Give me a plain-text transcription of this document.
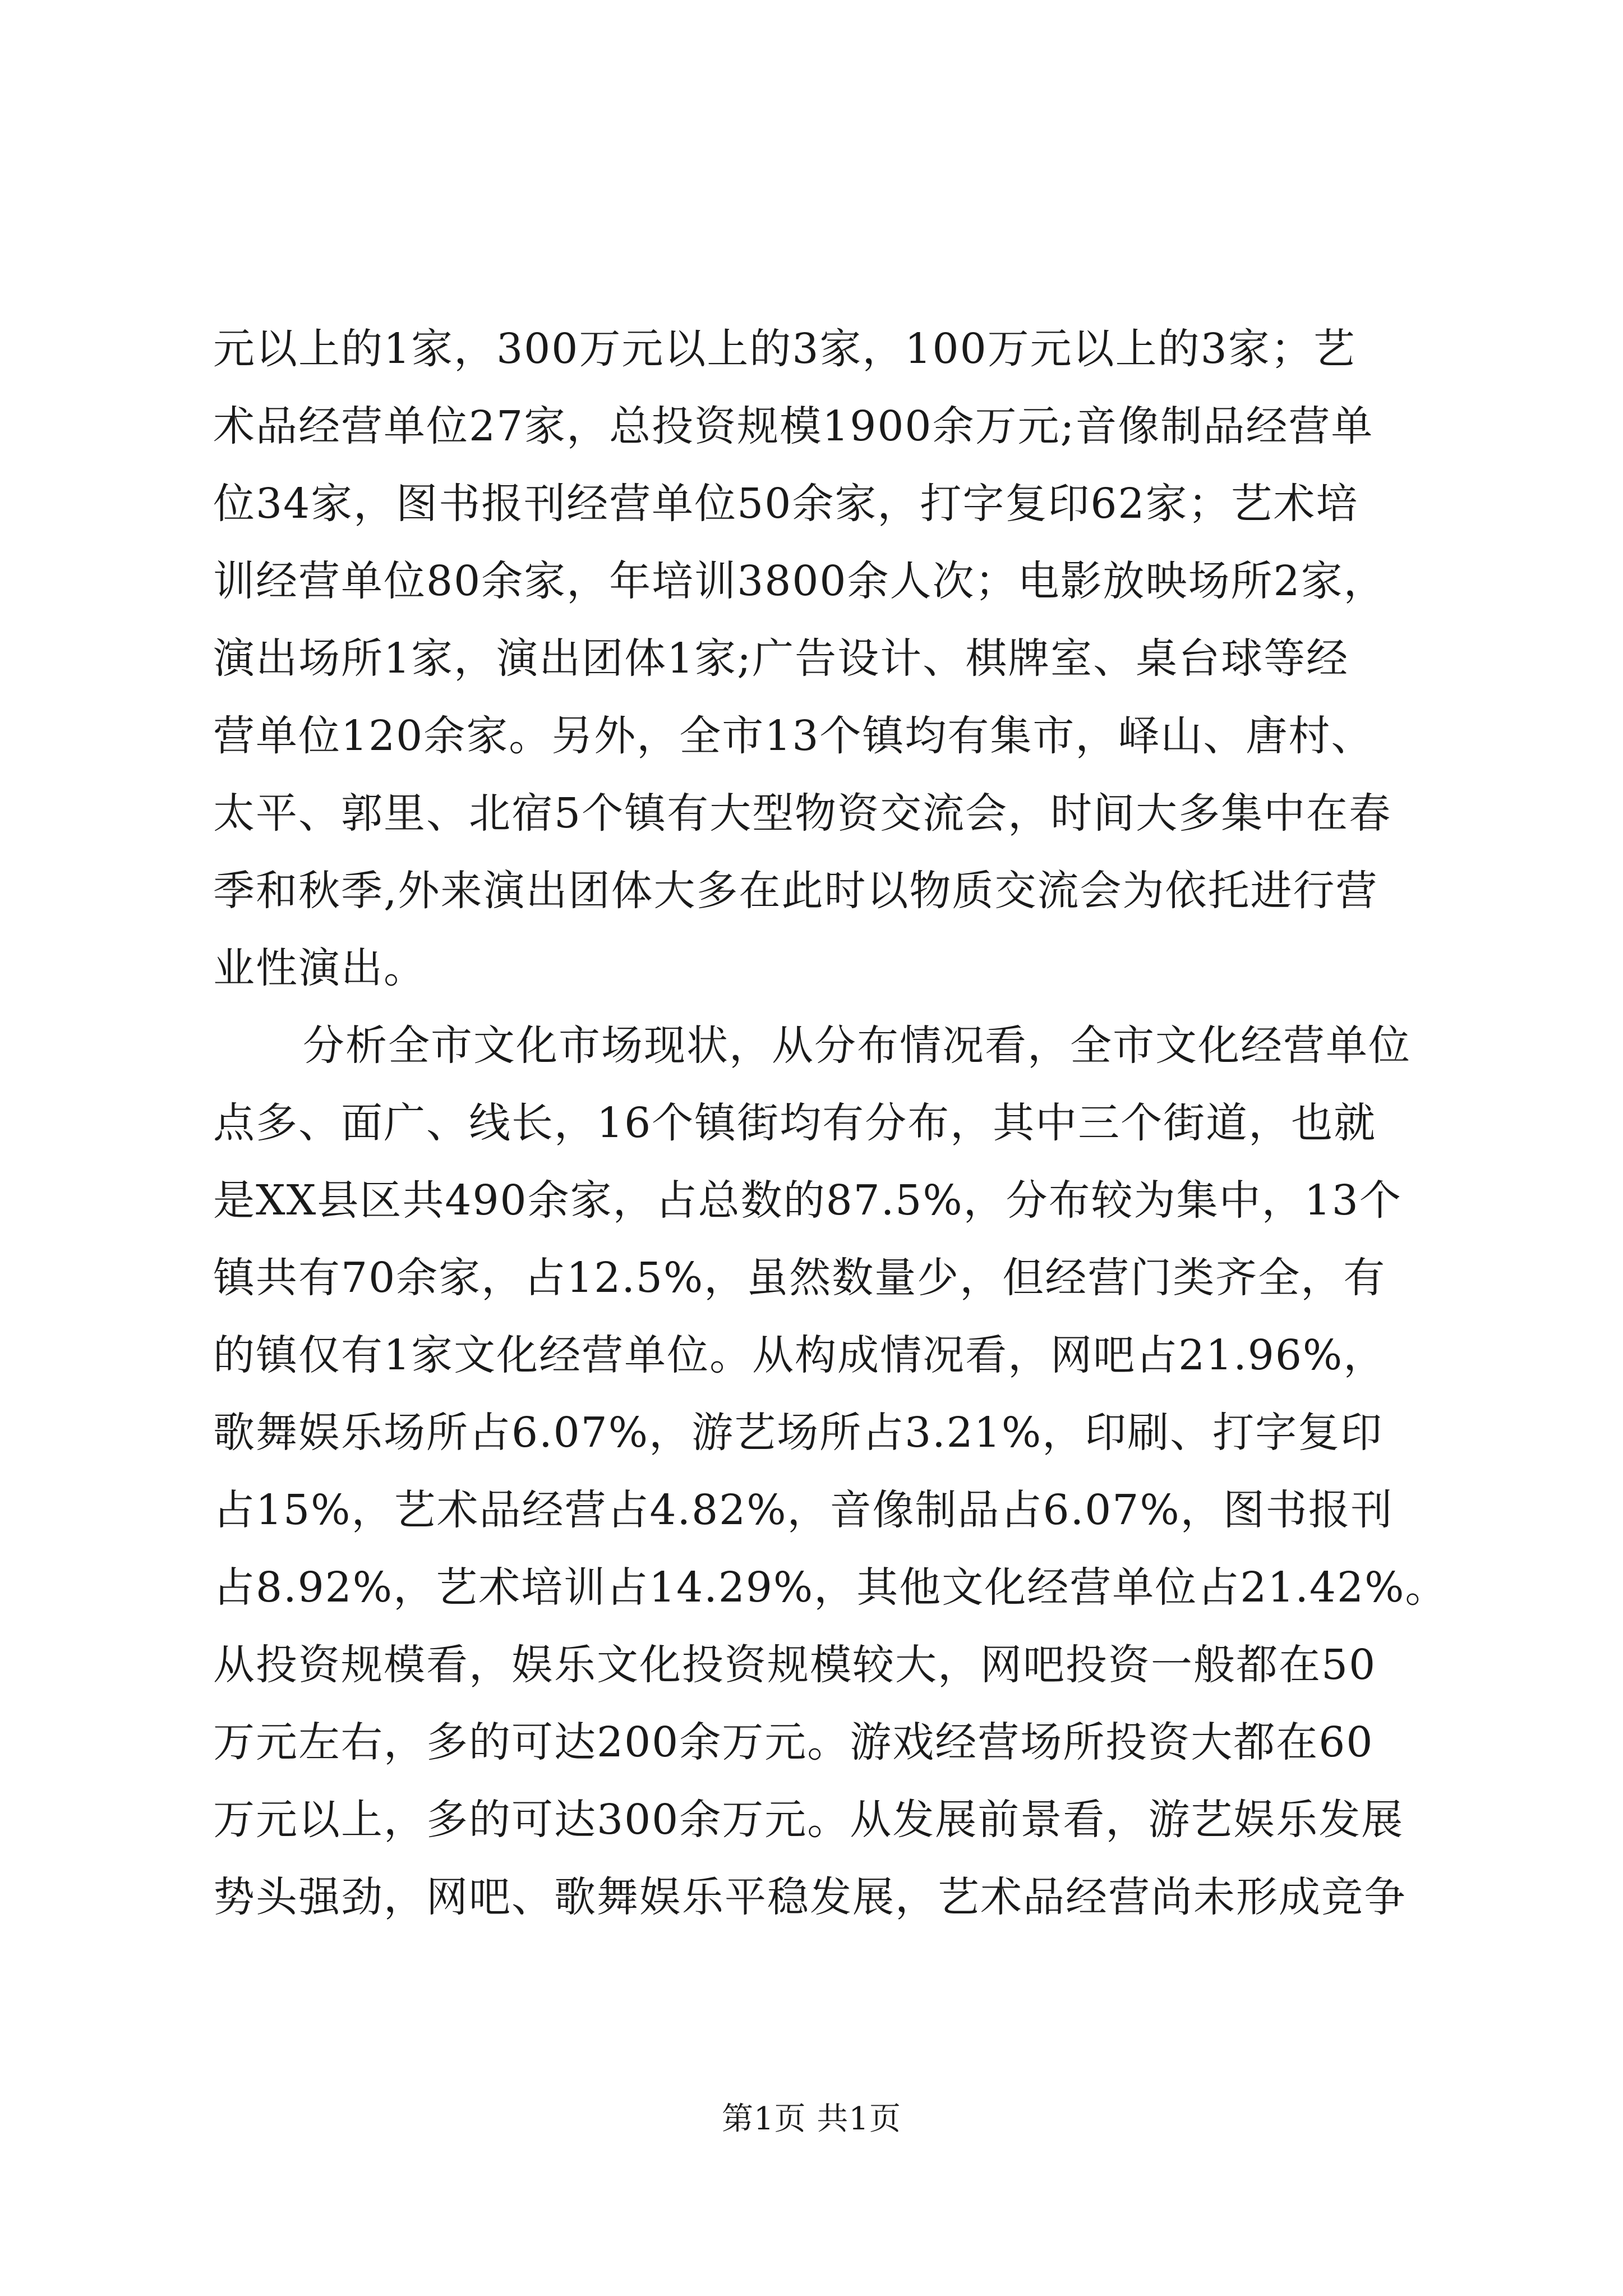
元以上的1家，300万元以上的3家，100万元以上的3家；艺
术品经营单位27家，总投资规模1900余万元;音像制品经营单
位34家，图书报刊经营单位50余家，打字复印62家；艺术培
训经营单位80余家，年培训3800余人次；电影放映场所2家，
演出场所1家，演出团体1家;广告设计、棋牌室、桌台球等经
营单位120余家。另外，全市13个镇均有集市，峄山、唐村、
太平、郭里、北宿5个镇有大型物资交流会，时间大多集中在春
季和秋季,外来演出团体大多在此时以物质交流会为依托进行营
业性演出。
分析全市文化市场现状，从分布情况看，全市文化经营单位
点多、面广、线长，16个镇街均有分布，其中三个街道，也就
是XX县区共490余家，占总数的87.5%，分布较为集中，13个
镇共有70余家，占12.5%，虽然数量少，但经营门类齐全，有
的镇仅有1家文化经营单位。从构成情况看，网吧占21.96%，
歌舞娱乐场所占6.07%，游艺场所占3.21%，印刷、打字复印
占15%，艺术品经营占4.82%，音像制品占6.07%，图书报刊
占8.92%，艺术培训占14.29%，其他文化经营单位占21.42%。
从投资规模看，娱乐文化投资规模较大，网吧投资一般都在50
万元左右，多的可达200余万元。游戏经营场所投资大都在60
万元以上，多的可达300余万元。从发展前景看，游艺娱乐发展
势头强劲，网吧、歌舞娱乐平稳发展，艺术品经营尚未形成竞争
第1页 共1页
